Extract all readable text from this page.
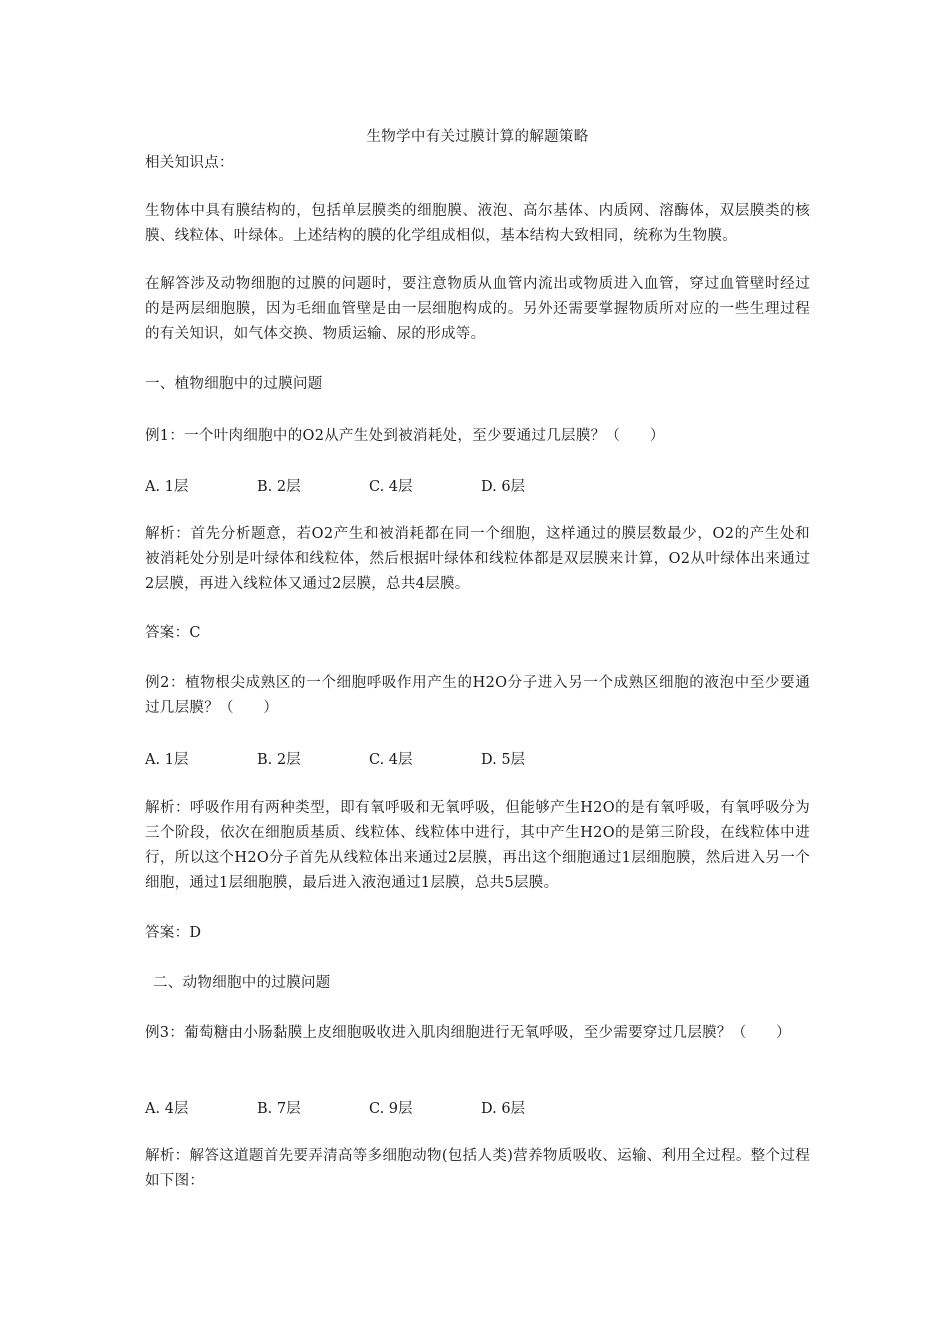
生物学中有关过膜计算的解题策略
相关知识点：

生物体中具有膜结构的，包括单层膜类的细胞膜、液泡、高尔基体、内质网、溶酶体，双层膜类的核膜、线粒体、叶绿体。上述结构的膜的化学组成相似，基本结构大致相同，统称为生物膜。

在解答涉及动物细胞的过膜的问题时，要注意物质从血管内流出或物质进入血管，穿过血管壁时经过的是两层细胞膜，因为毛细血管壁是由一层细胞构成的。另外还需要掌握物质所对应的一些生理过程的有关知识，如气体交换、物质运输、尿的形成等。

一、植物细胞中的过膜问题
例1：一个叶肉细胞中的O2从产生处到被消耗处，至少要通过几层膜？（　　）
A. 1层	B. 2层	C. 4层	D. 6层

解析：首先分析题意，若O2产生和被消耗都在同一个细胞，这样通过的膜层数最少，O2的产生处和被消耗处分别是叶绿体和线粒体，然后根据叶绿体和线粒体都是双层膜来计算，O2从叶绿体出来通过2层膜，再进入线粒体又通过2层膜，总共4层膜。

答案：C

例2：植物根尖成熟区的一个细胞呼吸作用产生的H2O分子进入另一个成熟区细胞的液泡中至少要通过几层膜？（　　）

A. 1层	B. 2层	C. 4层	D. 5层

解析：呼吸作用有两种类型，即有氧呼吸和无氧呼吸，但能够产生H2O的是有氧呼吸，有氧呼吸分为三个阶段，依次在细胞质基质、线粒体、线粒体中进行，其中产生H2O的是第三阶段，在线粒体中进行，所以这个H2O分子首先从线粒体出来通过2层膜，再出这个细胞通过1层细胞膜，然后进入另一个细胞，通过1层细胞膜，最后进入液泡通过1层膜，总共5层膜。

答案：D
二、动物细胞中的过膜问题

例3：葡萄糖由小肠黏膜上皮细胞吸收进入肌肉细胞进行无氧呼吸，至少需要穿过几层膜？（　　）

A. 4层	B. 7层	C. 9层	D. 6层

解析：解答这道题首先要弄清高等多细胞动物(包括人类)营养物质吸收、运输、利用全过程。整个过程如下图：
